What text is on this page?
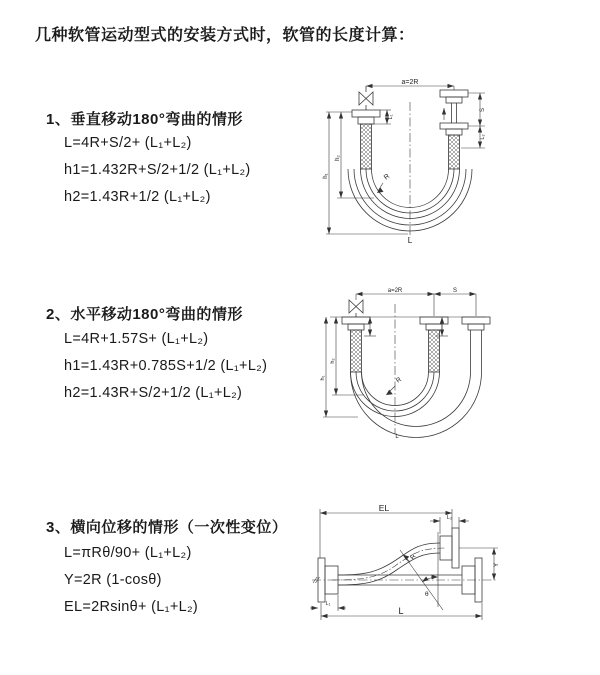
几种软管运动型式的安装方式时，软管的长度计算：
1、垂直移动180°弯曲的情形
L=4R+S/2+ (L₁+L₂)
h1=1.432R+S/2+1/2 (L₁+L₂)
h2=1.43R+1/2 (L₁+L₂)
2、水平移动180°弯曲的情形
L=4R+1.57S+ (L₁+L₂)
h1=1.43R+0.785S+1/2 (L₁+L₂)
h2=1.43R+S/2+1/2 (L₁+L₂)
3、横向位移的情形（一次性变位）
L=πRθ/90+ (L₁+L₂)
Y=2R (1-cosθ)
EL=2Rsinθ+ (L₁+L₂)
a=2R
h₁
h₂
L₁
S
L₂
R
L
a=2R	S
h₁
h₂
R
L
EL
L₂
Y
L₁
L
R
θ
